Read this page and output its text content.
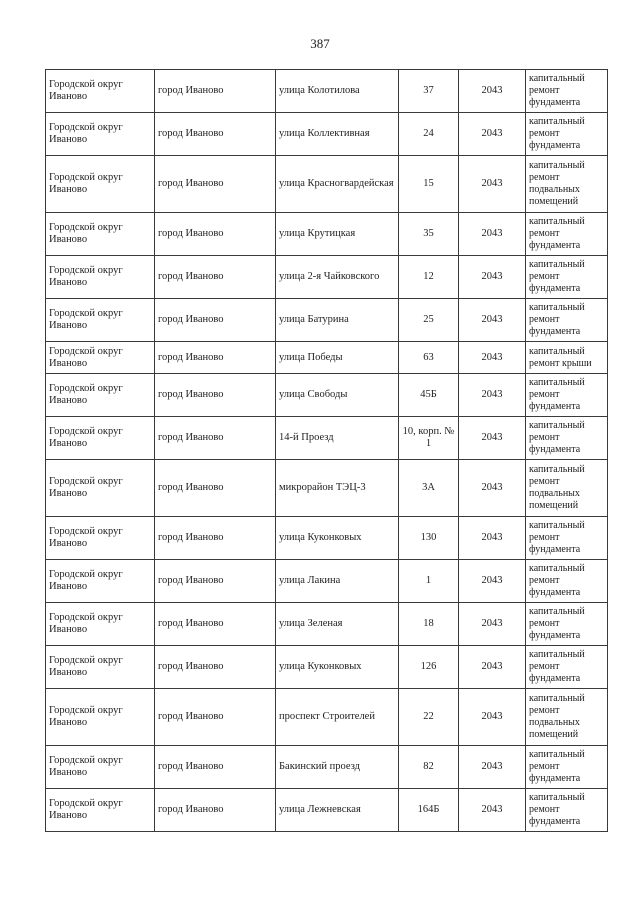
387
Городской округ Иваново	город Иваново	улица Колотилова	37	2043	капитальный ремонт фундамента
Городской округ Иваново	город Иваново	улица Коллективная	24	2043	капитальный ремонт фундамента
Городской округ Иваново	город Иваново	улица Красногвардейская	15	2043	капитальный ремонт подвальных помещений
Городской округ Иваново	город Иваново	улица Крутицкая	35	2043	капитальный ремонт фундамента
Городской округ Иваново	город Иваново	улица 2-я Чайковского	12	2043	капитальный ремонт фундамента
Городской округ Иваново	город Иваново	улица Батурина	25	2043	капитальный ремонт фундамента
Городской округ Иваново	город Иваново	улица Победы	63	2043	капитальный ремонт крыши
Городской округ Иваново	город Иваново	улица Свободы	45Б	2043	капитальный ремонт фундамента
Городской округ Иваново	город Иваново	14-й Проезд	10, корп. № 1	2043	капитальный ремонт фундамента
Городской округ Иваново	город Иваново	микрорайон ТЭЦ-3	3А	2043	капитальный ремонт подвальных помещений
Городской округ Иваново	город Иваново	улица Куконковых	130	2043	капитальный ремонт фундамента
Городской округ Иваново	город Иваново	улица Лакина	1	2043	капитальный ремонт фундамента
Городской округ Иваново	город Иваново	улица Зеленая	18	2043	капитальный ремонт фундамента
Городской округ Иваново	город Иваново	улица Куконковых	126	2043	капитальный ремонт фундамента
Городской округ Иваново	город Иваново	проспект Строителей	22	2043	капитальный ремонт подвальных помещений
Городской округ Иваново	город Иваново	Бакинский проезд	82	2043	капитальный ремонт фундамента
Городской округ Иваново	город Иваново	улица Лежневская	164Б	2043	капитальный ремонт фундамента
